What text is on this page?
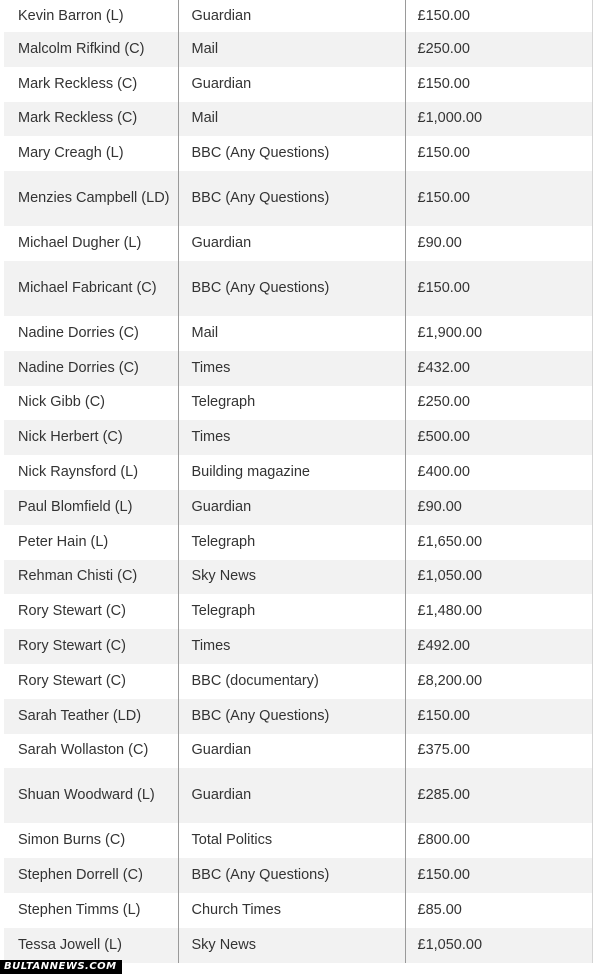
Kevin Barron (L)	Guardian	£150.00
Malcolm Rifkind (C)	Mail	£250.00
Mark Reckless (C)	Guardian	£150.00
Mark Reckless (C)	Mail	£1,000.00
Mary Creagh (L)	BBC (Any Questions)	£150.00
Menzies Campbell (LD)	BBC (Any Questions)	£150.00
Michael Dugher (L)	Guardian	£90.00
Michael Fabricant (C)	BBC (Any Questions)	£150.00
Nadine Dorries (C)	Mail	£1,900.00
Nadine Dorries (C)	Times	£432.00
Nick Gibb (C)	Telegraph	£250.00
Nick Herbert (C)	Times	£500.00
Nick Raynsford (L)	Building magazine	£400.00
Paul Blomfield (L)	Guardian	£90.00
Peter Hain (L)	Telegraph	£1,650.00
Rehman Chisti (C)	Sky News	£1,050.00
Rory Stewart (C)	Telegraph	£1,480.00
Rory Stewart (C)	Times	£492.00
Rory Stewart (C)	BBC (documentary)	£8,200.00
Sarah Teather (LD)	BBC (Any Questions)	£150.00
Sarah Wollaston (C)	Guardian	£375.00
Shuan Woodward (L)	Guardian	£285.00
Simon Burns (C)	Total Politics	£800.00
Stephen Dorrell (C)	BBC (Any Questions)	£150.00
Stephen Timms (L)	Church Times	£85.00
Tessa Jowell (L)	Sky News	£1,050.00
BULTANNEWS.COM
